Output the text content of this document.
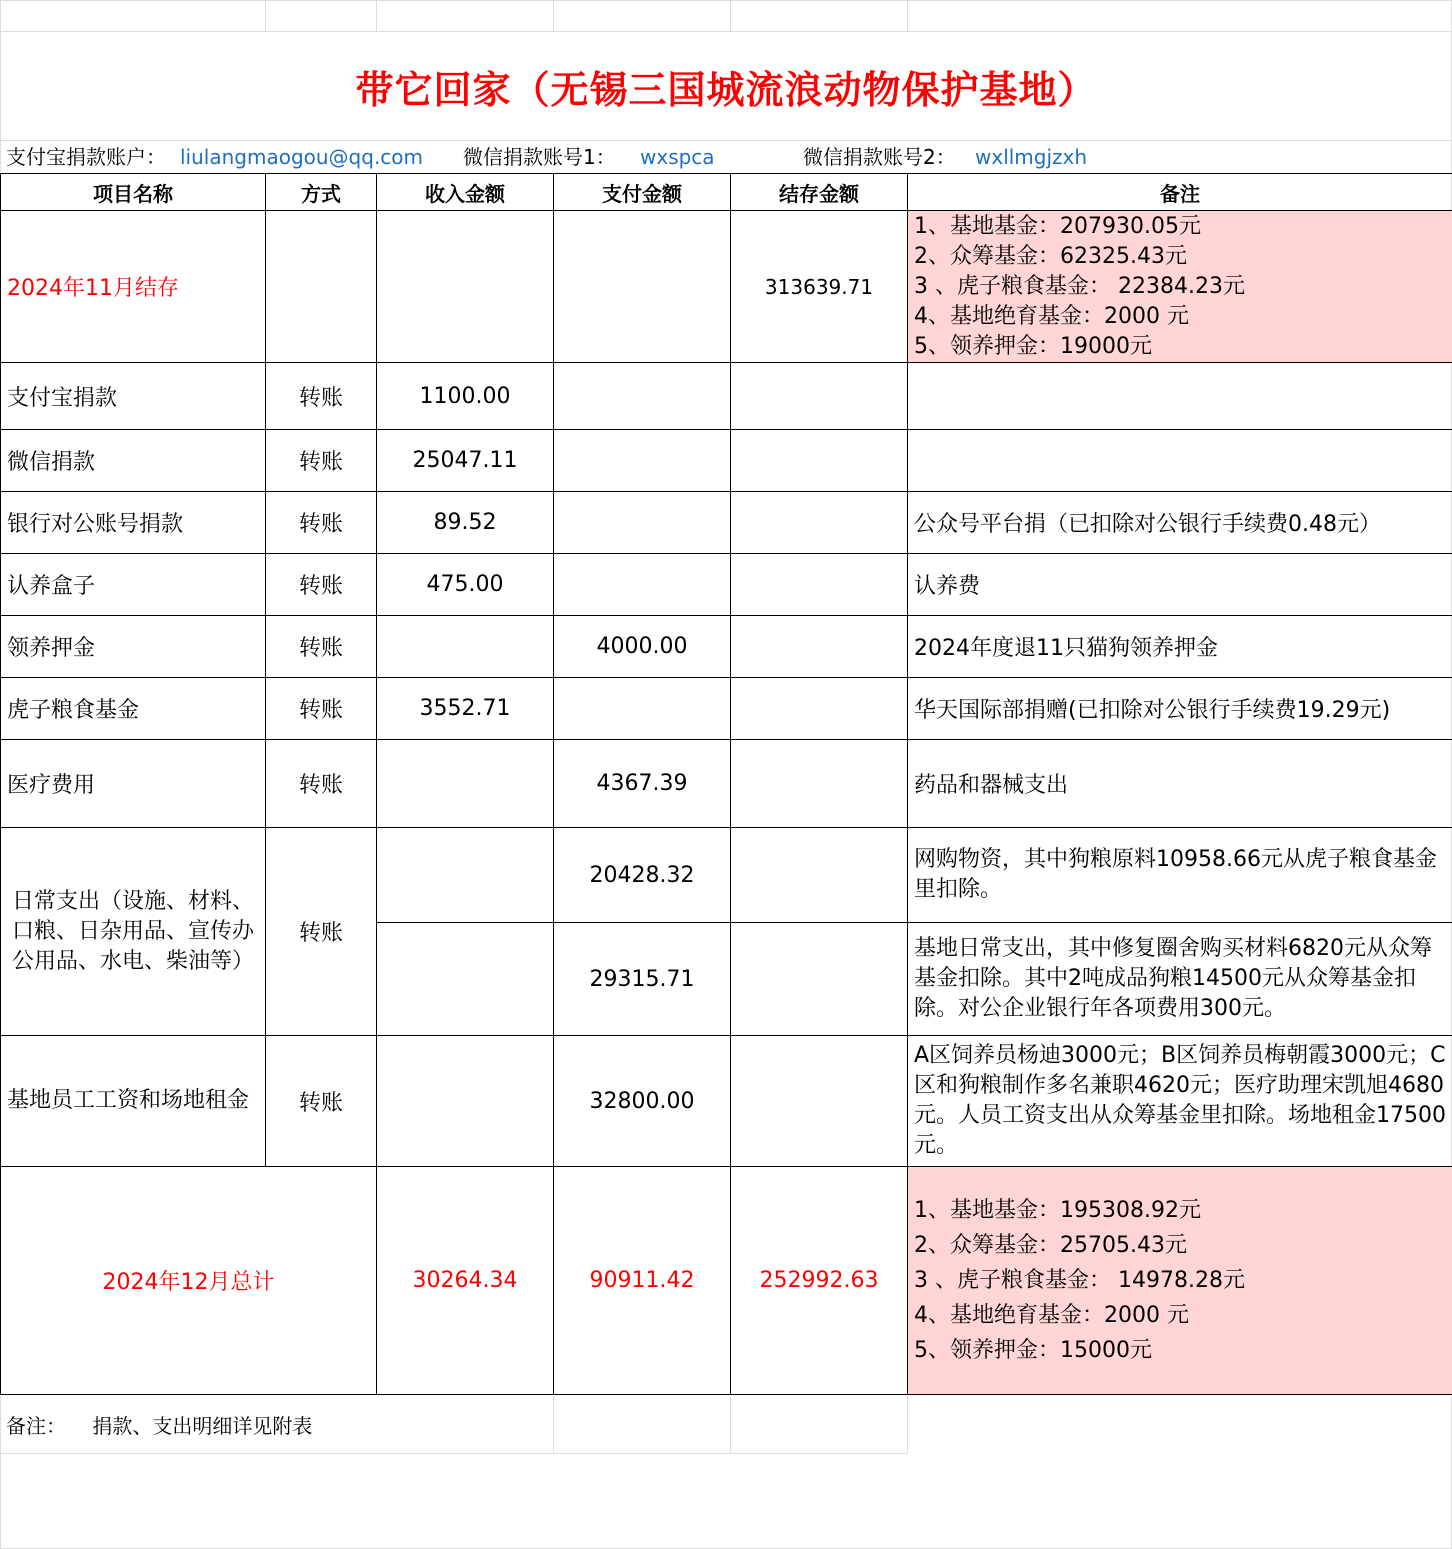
带它回家（无锡三国城流浪动物保护基地）
支付宝捐款账户： liulangmaogou@qq.com 微信捐款账号1： wxspca	微信捐款账号2： wxllmgjzxh
项目名称	方式	收入金额	支付金额	结存金额	备注
2024年11月结存				313639.71	1、基地基金：207930.05元
2、众筹基金：62325.43元
3 、虎子粮食基金： 22384.23元
4、基地绝育基金：2000 元
5、领养押金：19000元

支付宝捐款	转账	1100.00			
微信捐款	转账	25047.11			
银行对公账号捐款	转账	89.52			公众号平台捐（已扣除对公银行手续费0.48元）
认养盒子	转账	475.00			认养费
领养押金	转账		4000.00		2024年度退11只猫狗领养押金
虎子粮食基金	转账	3552.71			华天国际部捐赠(已扣除对公银行手续费19.29元)
医疗费用	转账		4367.39		药品和器械支出
日常支出（设施、材料、口粮、日杂用品、宣传办公用品、水电、柴油等）	转账		20428.32		网购物资，其中狗粮原料10958.66元从虎子粮食基金里扣除。
			29315.71		基地日常支出，其中修复圈舍购买材料6820元从众筹基金扣除。其中2吨成品狗粮14500元从众筹基金扣除。对公企业银行年各项费用300元。
基地员工工资和场地租金	转账		32800.00		A区饲养员杨迪3000元；B区饲养员梅朝霞3000元；C区和狗粮制作多名兼职4620元；医疗助理宋凯旭4680元。人员工资支出从众筹基金里扣除。场地租金17500元。
2024年12月总计		30264.34	90911.42	252992.63	1、基地基金：195308.92元
2、众筹基金：25705.43元
3 、虎子粮食基金： 14978.28元
4、基地绝育基金：2000 元
5、领养押金：15000元
备注： 捐款、支出明细详见附表
